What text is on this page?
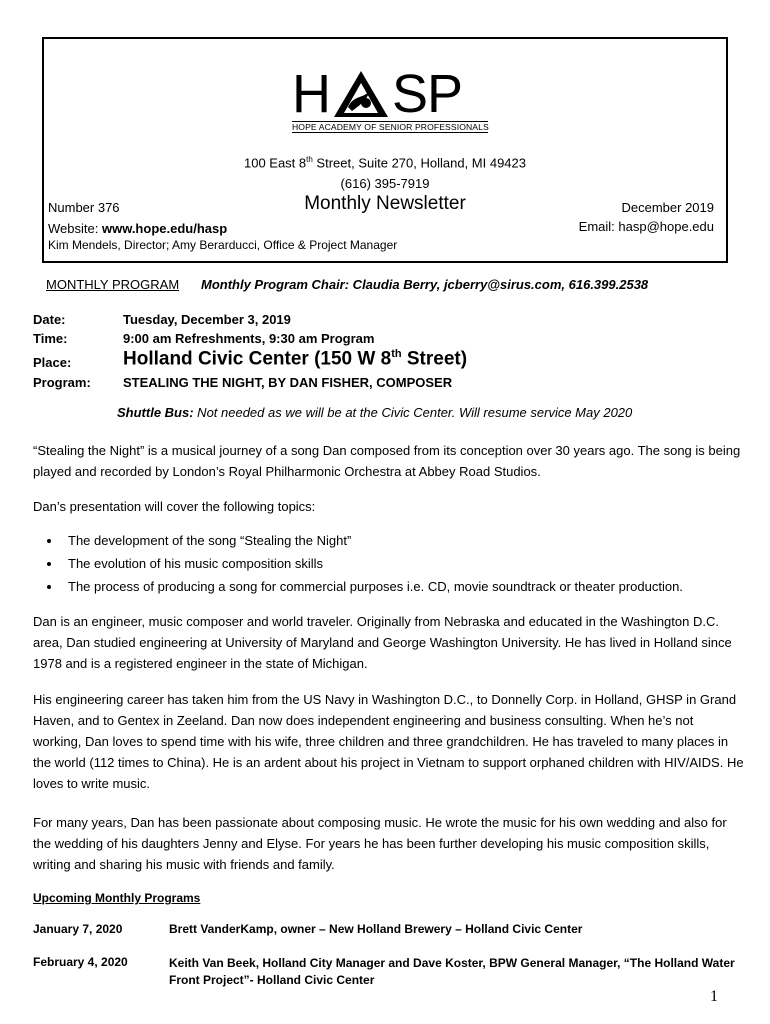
H SP
HOPE ACADEMY OF SENIOR PROFESSIONALS
100 East 8th Street, Suite 270, Holland, MI 49423
(616) 395-7919
Number 376	Monthly Newsletter	December 2019
Website: www.hope.edu/hasp	Email: hasp@hope.edu
Kim Mendels, Director; Amy Berarducci, Office & Project Manager
MONTHLY PROGRAM Monthly Program Chair: Claudia Berry, jcberry@sirus.com, 616.399.2538
Date:	Tuesday, December 3, 2019
Time:	9:00 am Refreshments, 9:30 am Program
Place:	Holland Civic Center (150 W 8th Street)
Program: STEALING THE NIGHT, BY DAN FISHER, COMPOSER
Shuttle Bus: Not needed as we will be at the Civic Center. Will resume service May 2020
“Stealing the Night” is a musical journey of a song Dan composed from its conception over 30 years ago. The song is being played and recorded by London’s Royal Philharmonic Orchestra at Abbey Road Studios.
Dan’s presentation will cover the following topics:
• The development of the song “Stealing the Night”
• The evolution of his music composition skills
• The process of producing a song for commercial purposes i.e. CD, movie soundtrack or theater production.
Dan is an engineer, music composer and world traveler. Originally from Nebraska and educated in the Washington D.C. area, Dan studied engineering at University of Maryland and George Washington University. He has lived in Holland since 1978 and is a registered engineer in the state of Michigan.
His engineering career has taken him from the US Navy in Washington D.C., to Donnelly Corp. in Holland, GHSP in Grand Haven, and to Gentex in Zeeland. Dan now does independent engineering and business consulting. When he’s not working, Dan loves to spend time with his wife, three children and three grandchildren. He has traveled to many places in the world (112 times to China). He is an ardent about his project in Vietnam to support orphaned children with HIV/AIDS. He loves to write music.
For many years, Dan has been passionate about composing music. He wrote the music for his own wedding and also for the wedding of his daughters Jenny and Elyse. For years he has been further developing his music composition skills, writing and sharing his music with friends and family.
Upcoming Monthly Programs
January 7, 2020	Brett VanderKamp, owner – New Holland Brewery – Holland Civic Center
February 4, 2020	Keith Van Beek, Holland City Manager and Dave Koster, BPW General Manager, “The Holland Water Front Project”- Holland Civic Center
1
